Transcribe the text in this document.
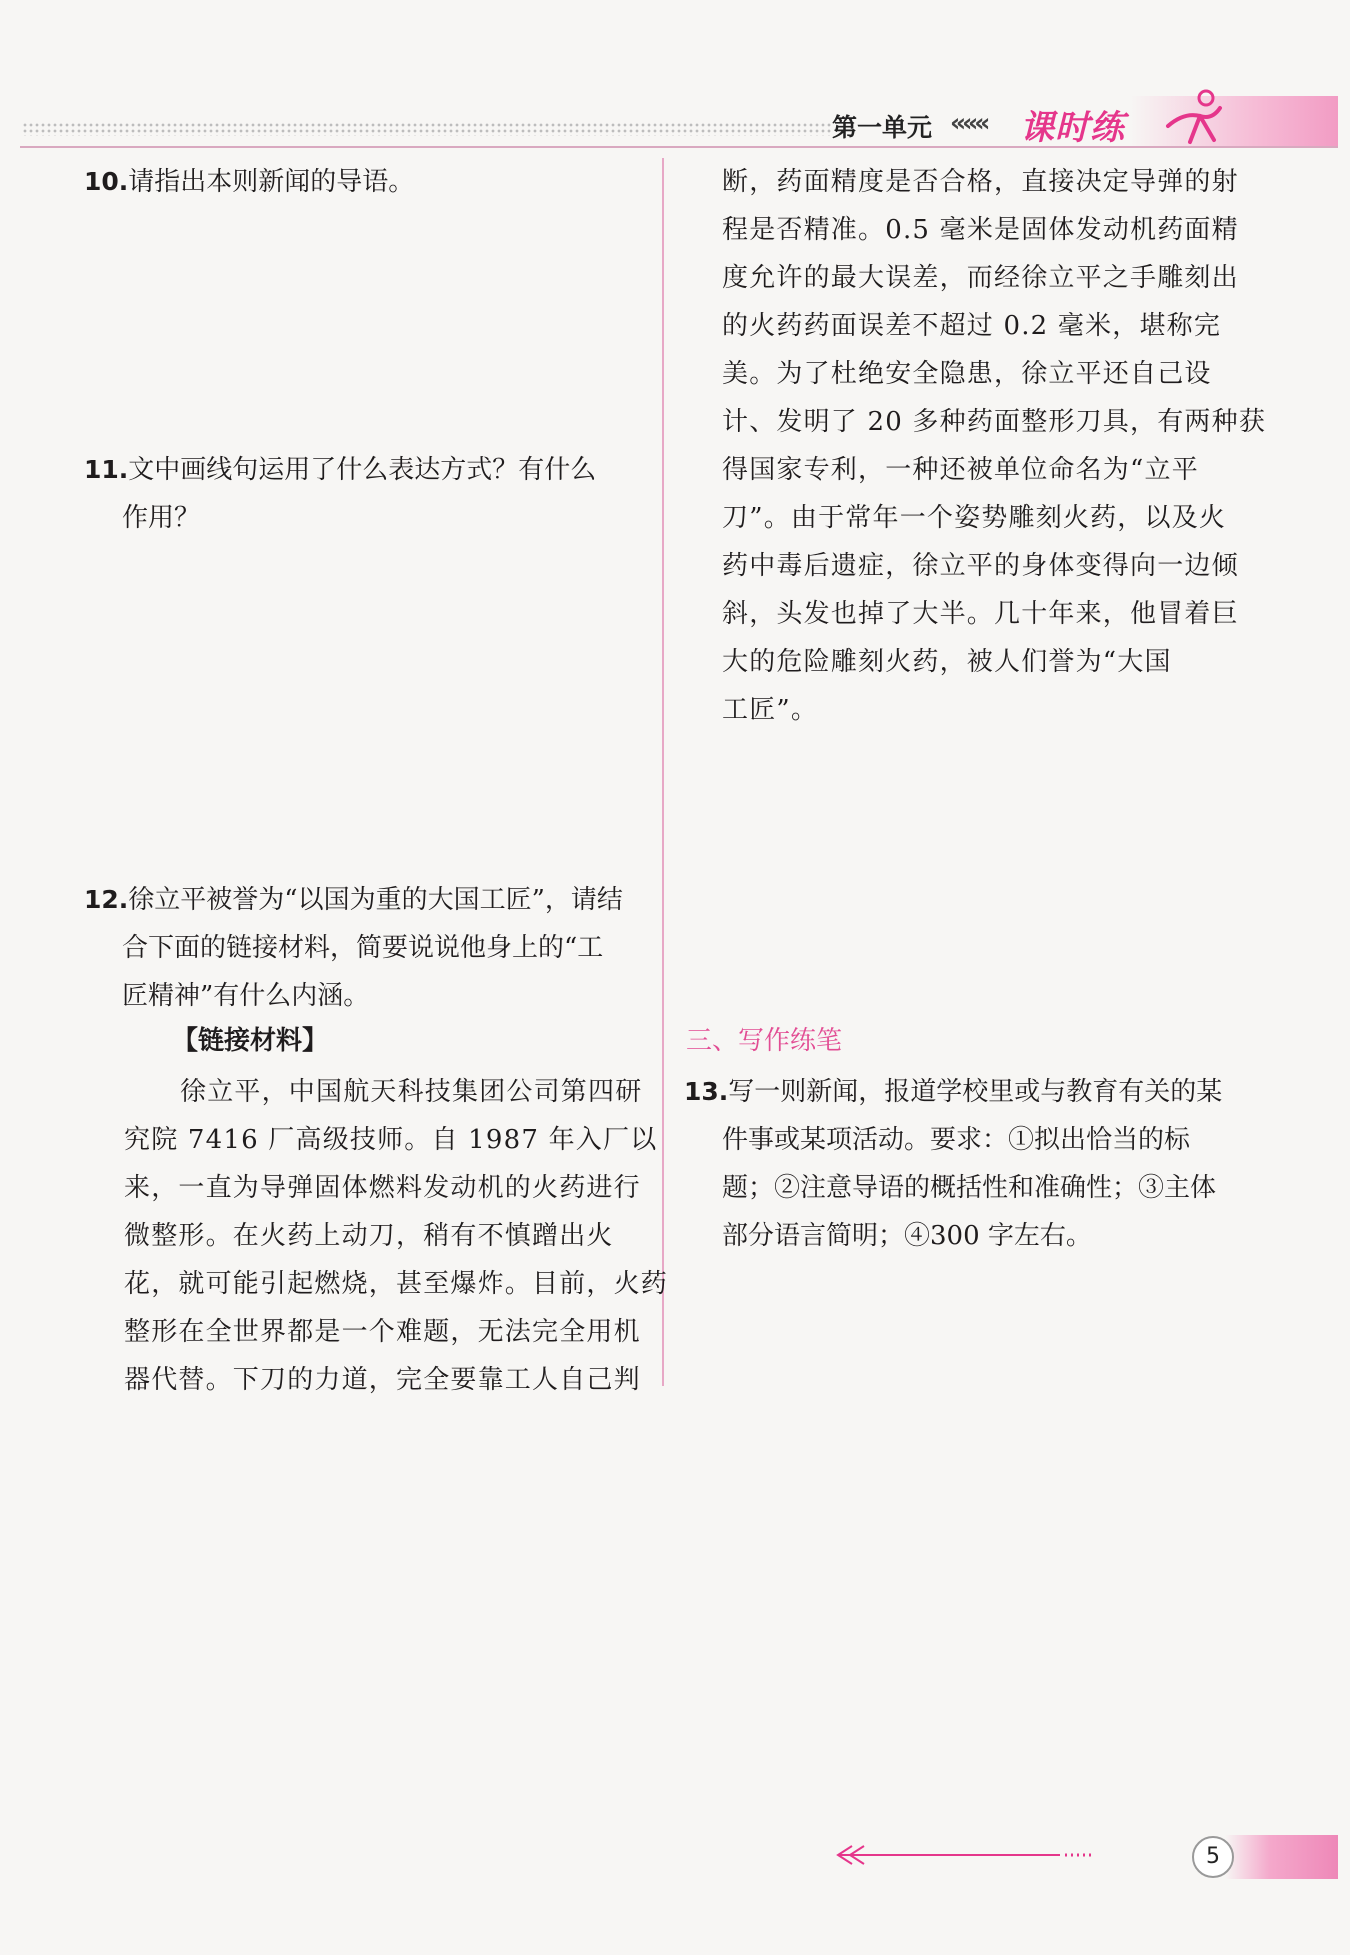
第一单元 ««« 课时练
10.请指出本则新闻的导语。
11.文中画线句运用了什么表达方式？有什么
作用？
12.徐立平被誉为“以国为重的大国工匠”，请结
合下面的链接材料，简要说说他身上的“工
匠精神”有什么内涵。
【链接材料】
徐立平，中国航天科技集团公司第四研
究院 7416 厂高级技师。自 1987 年入厂以
来，一直为导弹固体燃料发动机的火药进行
微整形。在火药上动刀，稍有不慎蹭出火
花，就可能引起燃烧，甚至爆炸。目前，火药
整形在全世界都是一个难题，无法完全用机
器代替。下刀的力道，完全要靠工人自己判
断，药面精度是否合格，直接决定导弹的射
程是否精准。0.5 毫米是固体发动机药面精
度允许的最大误差，而经徐立平之手雕刻出
的火药药面误差不超过 0.2 毫米，堪称完
美。为了杜绝安全隐患，徐立平还自己设
计、发明了 20 多种药面整形刀具，有两种获
得国家专利，一种还被单位命名为“立平
刀”。由于常年一个姿势雕刻火药，以及火
药中毒后遗症，徐立平的身体变得向一边倾
斜，头发也掉了大半。几十年来，他冒着巨
大的危险雕刻火药，被人们誉为“大国
工匠”。
三、写作练笔
13.写一则新闻，报道学校里或与教育有关的某
件事或某项活动。要求：①拟出恰当的标
题；②注意导语的概括性和准确性；③主体
部分语言简明；④300 字左右。
5
